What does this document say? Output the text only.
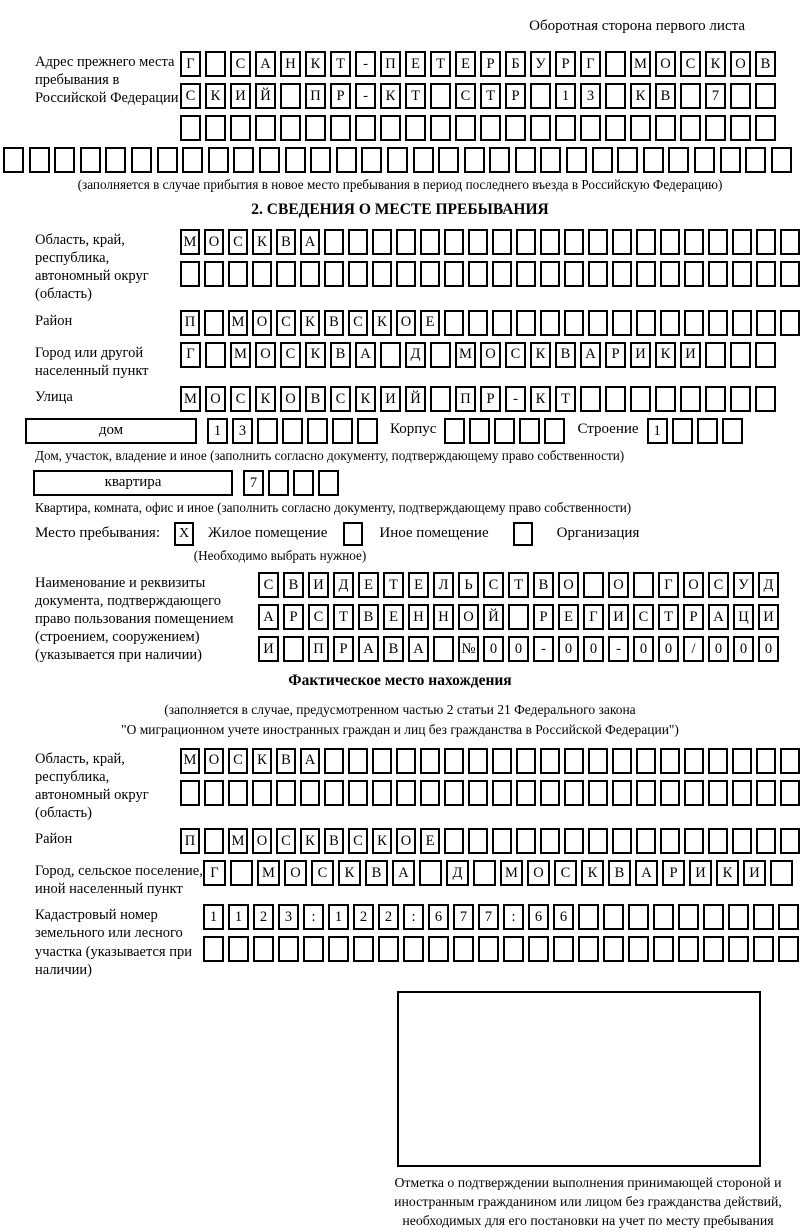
Оборотная сторона первого листа
Адрес прежнего места пребывания в Российской Федерации
Г	С	А	Н	К	Т	-	П	Е	Т	Е	Р	Б	У	Р	Г	М О	С	К	О	В
С	К	И	Й	П	Р	-	К	Т	С	Т	Р	1	3	К	В	7
(заполняется в случае прибытия в новое место пребывания в период последнего въезда в Российскую Федерацию)
2. СВЕДЕНИЯ О МЕСТЕ ПРЕБЫВАНИЯ
Область, край, республика, автономный округ (область)
М О С К В А
Район	П	М О С К В С К О Е
Город или другой населенный пункт
Г	М О	С	К	В	А	Д	М О	С	К	В	А	Р	И	К	И
Улица	М О	С	К	О	В	С	К	И	Й	П	Р	-	К	Т
дом	1	3	Корпус	Строение	1
Дом, участок, владение и иное (заполнить согласно документу, подтверждающему право собственности)
квартира	7
Квартира, комната, офис и иное (заполнить согласно документу, подтверждающему право собственности)
Место пребывания:	X	Жилое помещение	Иное помещение	Организация
(Необходимо выбрать нужное)
Наименование и реквизиты документа, подтверждающего право пользования помещением (строением, сооружением) (указывается при наличии)
С	В	И	Д	Е	Т	Е	Л	Ь	С	Т	В	О	О	Г	О	С	У	Д
А	Р	С	Т	В	Е	Н	Н	О	Й	Р	Е	Г	И	С	Т	Р	А	Ц	И
И	П	Р	А	В	А	№ 0	0	-	0	0	-	0	0	/	0	0	0
Фактическое место нахождения
(заполняется в случае, предусмотренном частью 2 статьи 21 Федерального закона
"О миграционном учете иностранных граждан и лиц без гражданства в Российской Федерации")
Область, край, республика, автономный округ (область)
М О С К В А
Район	П	М О С К В С К О Е
Город, сельское поселение, иной населенный пункт
Г	М	О	С	К	В	А	Д	М	О	С	К	В	А	Р	И	К	И
Кадастровый номер земельного или лесного участка (указывается при наличии)
1	1	2	3	:	1	2	2	:	6	7	7	:	6	6
Отметка о подтверждении выполнения принимающей стороной и иностранным гражданином или лицом без гражданства действий, необходимых для его постановки на учет по месту пребывания
